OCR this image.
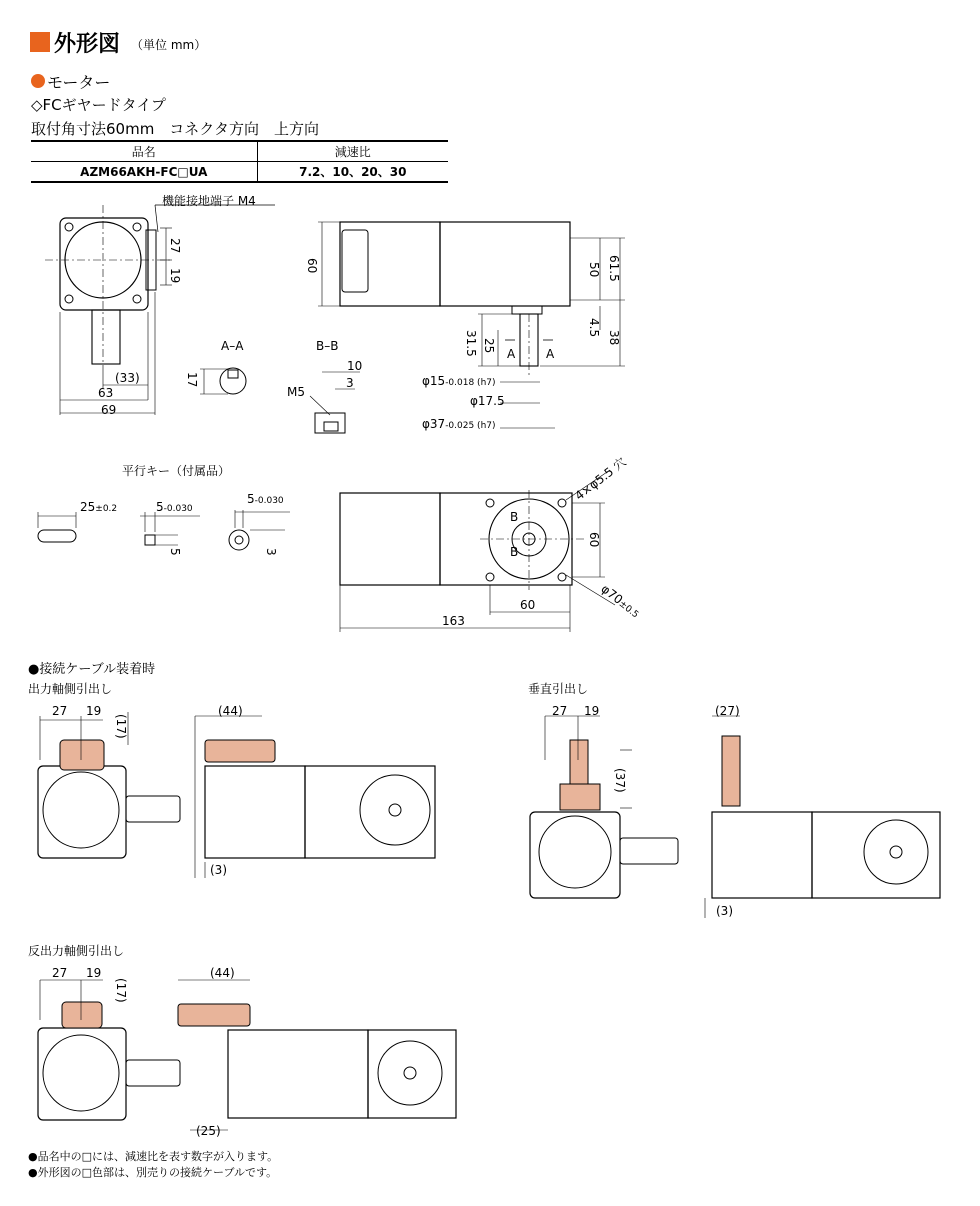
外形図 （単位 mm）
モーター
◇FCギヤードタイプ
取付角寸法60mm　コネクタ方向　上方向
品名	減速比
AZM66AKH-FC□UA	7.2、10、20、30
機能接地端子 M4
27
19
(33)
63
69
60	50 61.5
31.5 25
4.5
38
A	A
φ15-0.018 (h7)
φ17.5
φ37-0.025 (h7)
A–A	B–B
17
10
3
M5
平行キー（付属品）
25±0.2	5-0.030
5-0.030
5	3
4×φ5.5 穴
B
B
60
60
163
φ70±0.5
●接続ケーブル装着時
出力軸側引出し	垂直引出し
反出力軸側引出し
27 19
(17)
(44)
(3)
27 19
(37)
(27)
(3)
27 19
(17)
(44)
(25)
●品名中の□には、減速比を表す数字が入ります。
●外形図の□色部は、別売りの接続ケーブルです。
